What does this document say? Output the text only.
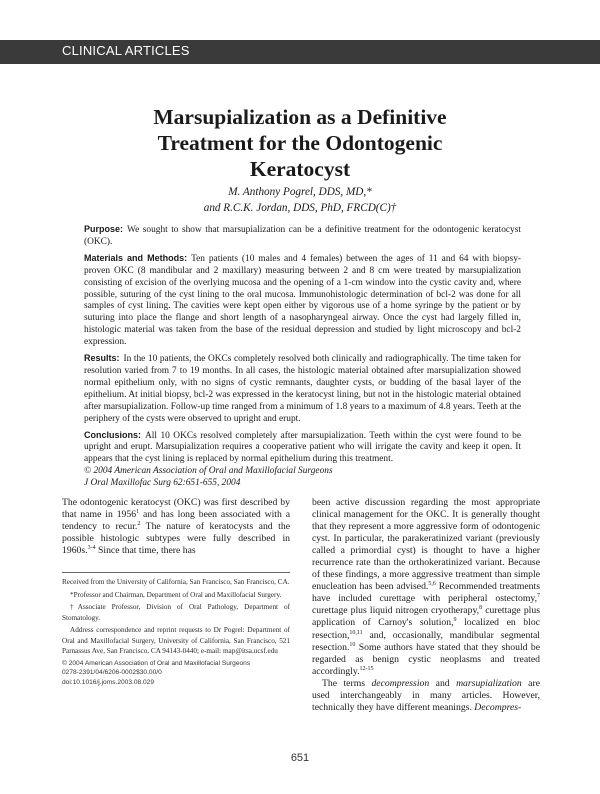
CLINICAL ARTICLES
Marsupialization as a Definitive
Treatment for the Odontogenic
Keratocyst
M. Anthony Pogrel, DDS, MD,*
and R.C.K. Jordan, DDS, PhD, FRCD(C)†

Purpose: We sought to show that marsupialization can be a definitive treatment for the odontogenic keratocyst (OKC).

Materials and Methods: Ten patients (10 males and 4 females) between the ages of 11 and 64 with biopsy-proven OKC (8 mandibular and 2 maxillary) measuring between 2 and 8 cm were treated by marsupialization consisting of excision of the overlying mucosa and the opening of a 1-cm window into the cystic cavity and, where possible, suturing of the cyst lining to the oral mucosa. Immunohistologic determination of bcl-2 was done for all samples of cyst lining. The cavities were kept open either by vigorous use of a home syringe by the patient or by suturing into place the flange and short length of a nasopharyngeal airway. Once the cyst had largely filled in, histologic material was taken from the base of the residual depression and studied by light microscopy and bcl-2 expression.

Results: In the 10 patients, the OKCs completely resolved both clinically and radiographically. The time taken for resolution varied from 7 to 19 months. In all cases, the histologic material obtained after marsupialization showed normal epithelium only, with no signs of cystic remnants, daughter cysts, or budding of the basal layer of the epithelium. At initial biopsy, bcl-2 was expressed in the keratocyst lining, but not in the histologic material obtained after marsupialization. Follow-up time ranged from a minimum of 1.8 years to a maximum of 4.8 years. Teeth at the periphery of the cysts were observed to upright and erupt.

Conclusions: All 10 OKCs resolved completely after marsupialization. Teeth within the cyst were found to be upright and erupt. Marsupialization requires a cooperative patient who will irrigate the cavity and keep it open. It appears that the cyst lining is replaced by normal epithelium during this treatment.

© 2004 American Association of Oral and Maxillofacial Surgeons

J Oral Maxillofac Surg 62:651-655, 2004

The odontogenic keratocyst (OKC) was first described by that name in 1956$^1$ and has long been associated with a tendency to recur.$^2$ The nature of keratocysts and the possible histologic subtypes were fully described in 1960s.$^{3-4}$ Since that time, there has

Received from the University of California, San Francisco, San Francisco, CA.

*Professor and Chairman, Department of Oral and Maxillofacial Surgery.

†Associate Professor, Division of Oral Pathology, Department of Stomatology.

Address correspondence and reprint requests to Dr Pogrel: Department of Oral and Maxillofacial Surgery, University of California, San Francisco, 521 Parnassus Ave, San Francisco, CA 94143-0440; e-mail: map@itsa.ucsf.edu

© 2004 American Association of Oral and Maxillofacial Surgeons

0278-2391/04/6206-0002$30.00/0

doi:10.1016/j.joms.2003.08.029

been active discussion regarding the most appropriate clinical management for the OKC. It is generally thought that they represent a more aggressive form of odontogenic cyst. In particular, the parakeratinized variant (previously called a primordial cyst) is thought to have a higher recurrence rate than the orthokeratinized variant. Because of these findings, a more aggressive treatment than simple enucleation has been advised.$^{5,6}$ Recommended treatments have included curettage with peripheral ostectomy,$^7$ curettage plus liquid nitrogen cryotherapy,$^8$ curettage plus application of Carnoy's solution,$^9$ localized en bloc resection,$^{10,11}$ and, occasionally, mandibular segmental resection.$^{10}$ Some authors have stated that they should be regarded as benign cystic neoplasms and treated accordingly.$^{12-15}$

The terms decompression and marsupialization are used interchangeably in many articles. However, technically they have different meanings. Decompres-

651
